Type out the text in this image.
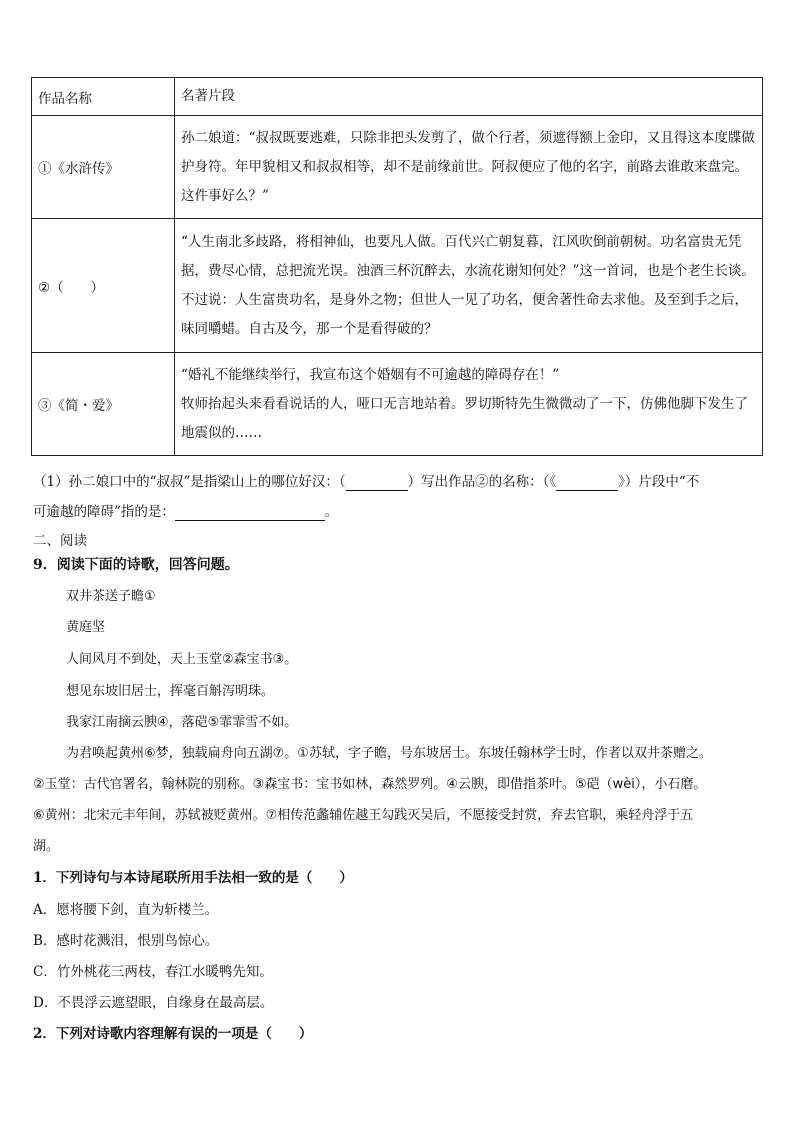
作品名称	名著片段
①《水浒传》	孙二娘道：“叔叔既要逃难，只除非把头发剪了，做个行者，须遮得额上金印，又且得这本度牒做护身符。年甲貌相又和叔叔相等，却不是前缘前世。阿叔便应了他的名字，前路去谁敢来盘完。这件事好么？”
②（　　）	“人生南北多歧路，将相神仙，也要凡人做。百代兴亡朝复暮，江风吹倒前朝树。功名富贵无凭据，费尽心情，总把流光误。浊酒三杯沉醉去，水流花谢知何处？”这一首词，也是个老生长谈。不过说：人生富贵功名，是身外之物；但世人一见了功名，便舍著性命去求他。及至到手之后，味同嚼蜡。自古及今，那一个是看得破的？
③《简・爱》	“婚礼不能继续举行，我宣布这个婚姻有不可逾越的障碍存在！”
牧师抬起头来看看说话的人，哑口无言地站着。罗切斯特先生微微动了一下，仿佛他脚下发生了地震似的……
（1）孙二娘口中的“叔叔”是指梁山上的哪位好汉：（	）写出作品②的名称：（《	》）片段中“不
可逾越的障碍”指的是：	。
二、阅读
9．阅读下面的诗歌，回答问题。
双井茶送子瞻①
黄庭坚
人间风月不到处，天上玉堂②森宝书③。
想见东坡旧居士，挥毫百斛泻明珠。
我家江南摘云腴④，落硙⑤霏霏雪不如。
为君唤起黄州⑥梦，独载扁舟向五湖⑦。①苏轼，字子瞻，号东坡居士。东坡任翰林学士时，作者以双井茶赠之。
②玉堂：古代官署名，翰林院的别称。③森宝书：宝书如林，森然罗列。④云腴，即借指茶叶。⑤硙（wèi），小石磨。
⑥黄州：北宋元丰年间，苏轼被贬黄州。⑦相传范蠡辅佐越王勾践灭吴后，不愿接受封赏，弃去官职，乘轻舟浮于五
湖。
1．下列诗句与本诗尾联所用手法相一致的是（　　）
A．愿将腰下剑，直为斩楼兰。
B．感时花溅泪，恨别鸟惊心。
C．竹外桃花三两枝，春江水暖鸭先知。
D．不畏浮云遮望眼，自缘身在最高层。
2．下列对诗歌内容理解有误的一项是（　　）
